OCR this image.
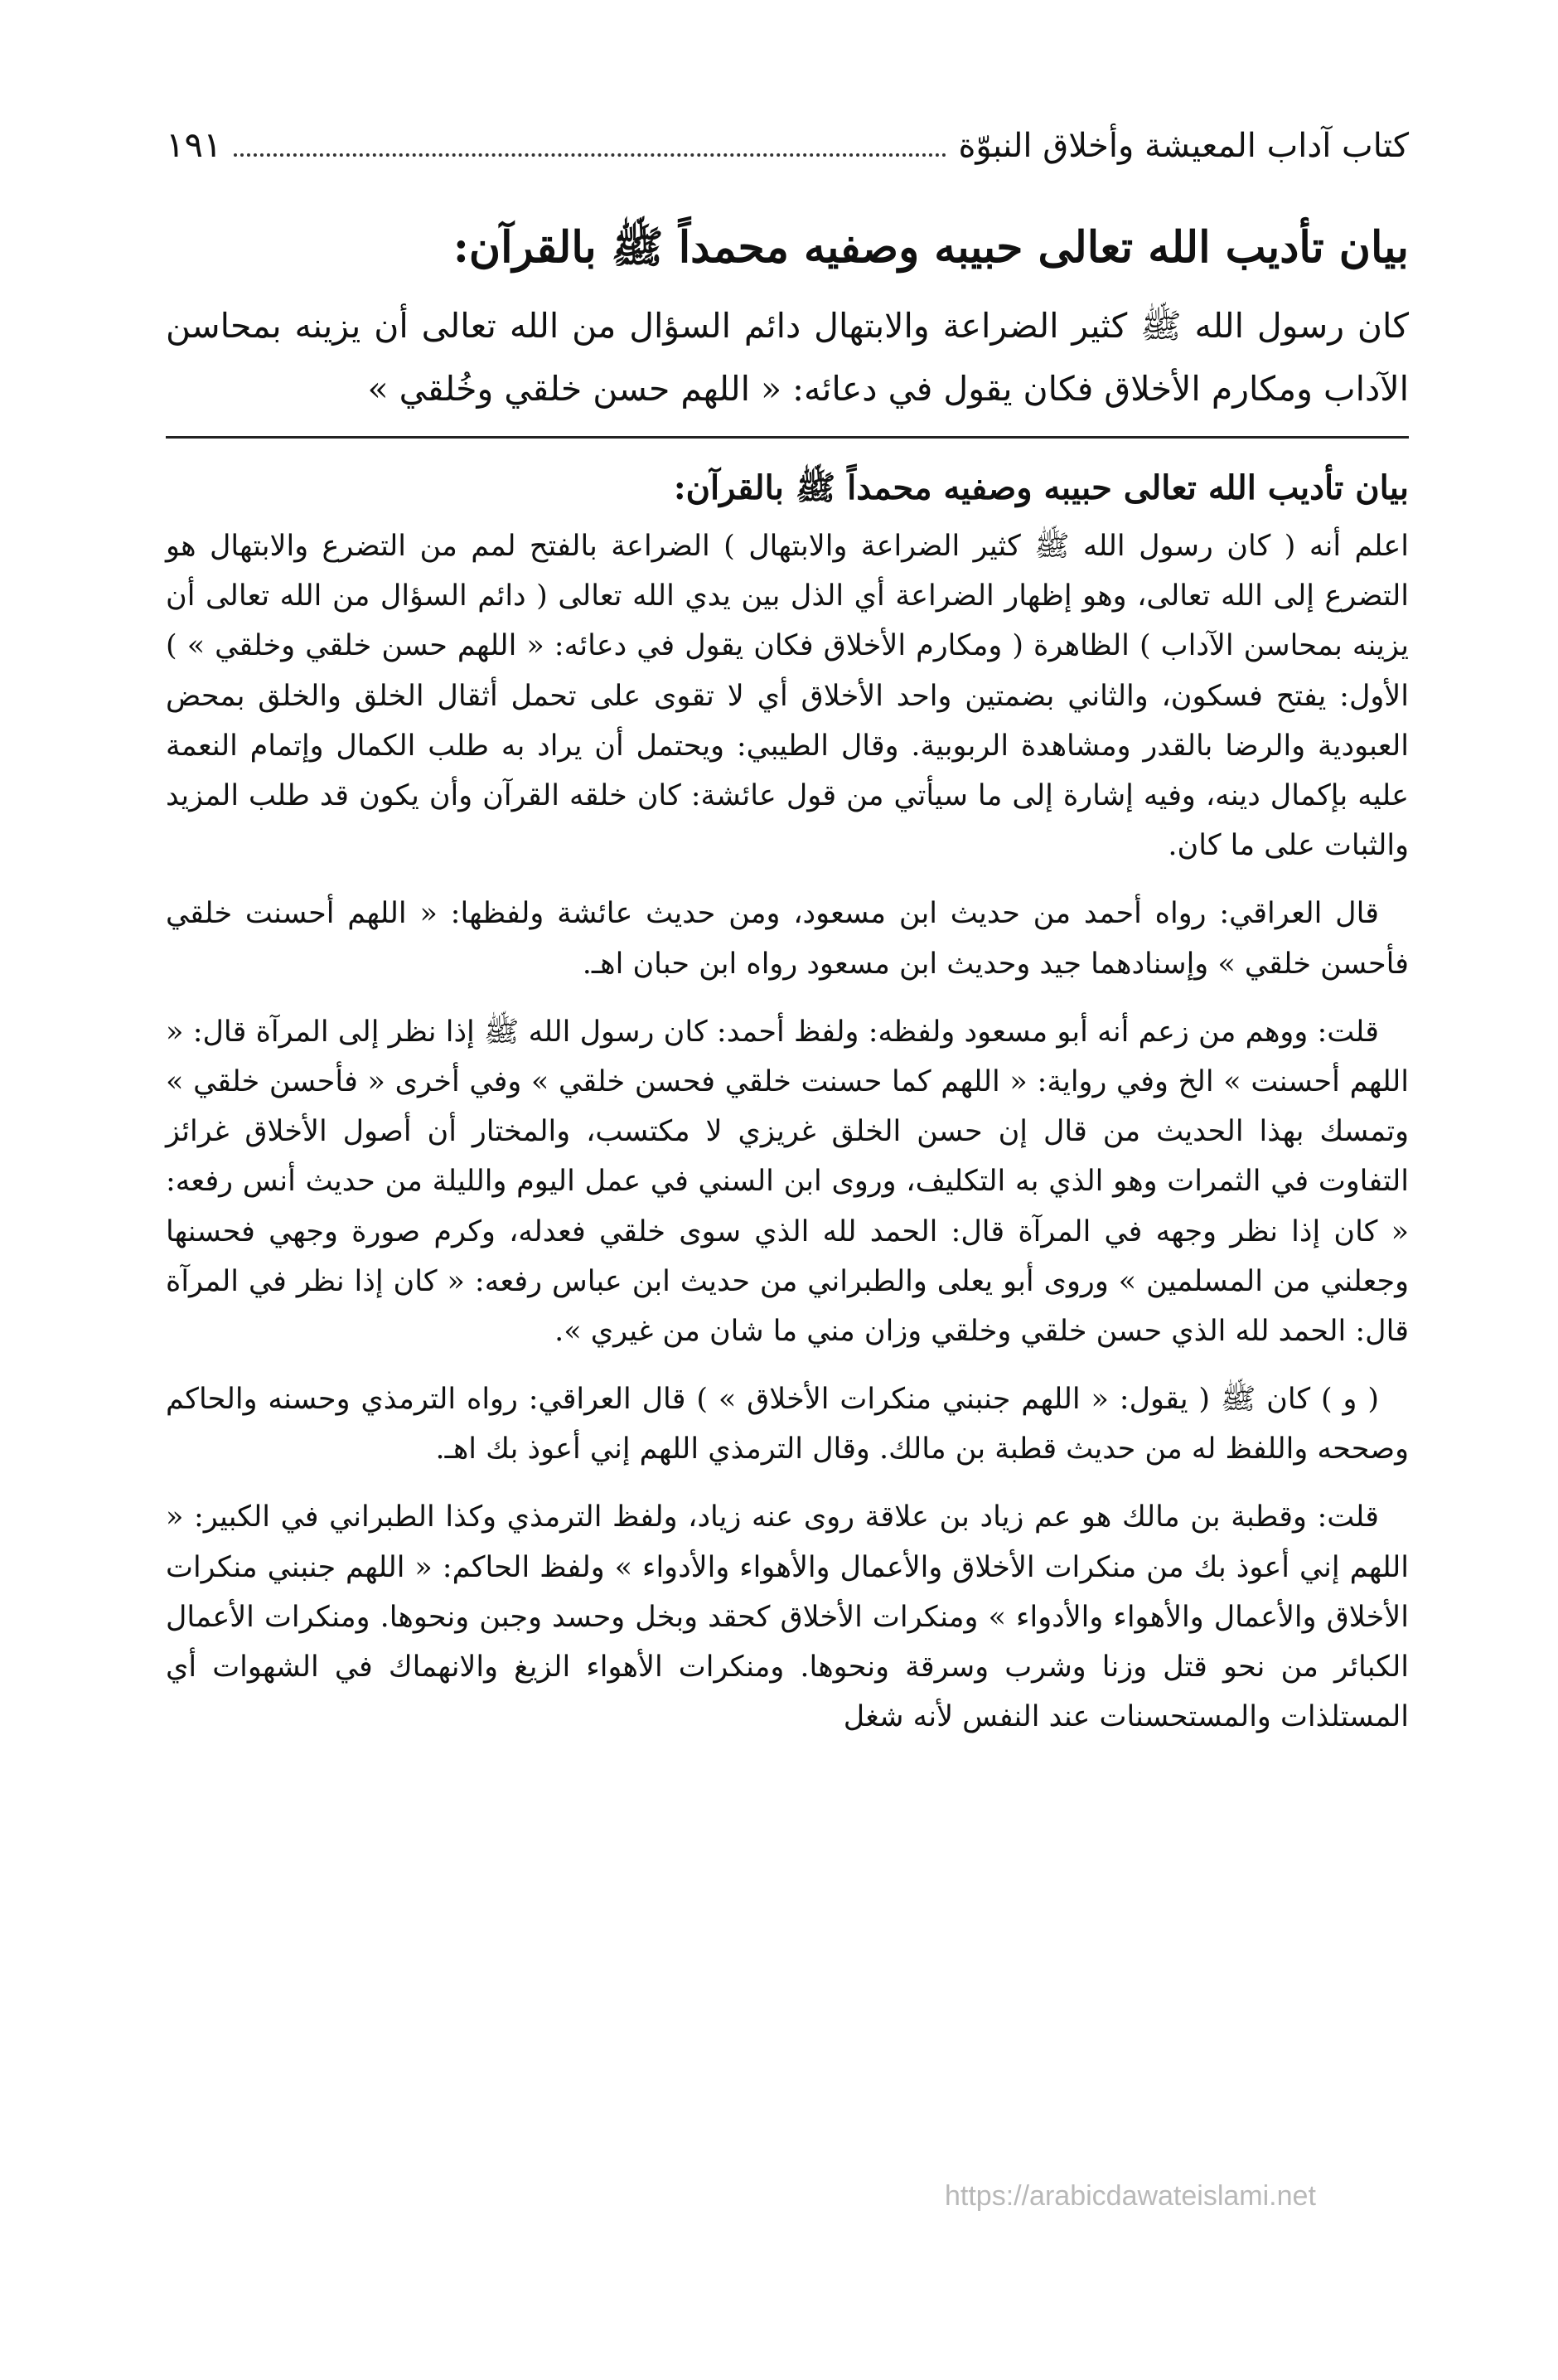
كتاب آداب المعيشة وأخلاق النبوّة
١٩١
بيان تأديب الله تعالى حبيبه وصفيه محمداً ﷺ بالقرآن:

كان رسول الله ﷺ كثير الضراعة والابتهال دائم السؤال من الله تعالى أن يزينه بمحاسن الآداب ومكارم الأخلاق فكان يقول في دعائه: « اللهم حسن خلقي وخُلقي »

بيان تأديب الله تعالى حبيبه وصفيه محمداً ﷺ بالقرآن:

اعلم أنه ( كان رسول الله ﷺ كثير الضراعة والابتهال ) الضراعة بالفتح لمم من التضرع والابتهال هو التضرع إلى الله تعالى، وهو إظهار الضراعة أي الذل بين يدي الله تعالى ( دائم السؤال من الله تعالى أن يزينه بمحاسن الآداب ) الظاهرة ( ومكارم الأخلاق فكان يقول في دعائه: « اللهم حسن خلقي وخلقي » ) الأول: يفتح فسكون، والثاني بضمتين واحد الأخلاق أي لا تقوى على تحمل أثقال الخلق والخلق بمحض العبودية والرضا بالقدر ومشاهدة الربوبية. وقال الطيبي: ويحتمل أن يراد به طلب الكمال وإتمام النعمة عليه بإكمال دينه، وفيه إشارة إلى ما سيأتي من قول عائشة: كان خلقه القرآن وأن يكون قد طلب المزيد والثبات على ما كان.

قال العراقي: رواه أحمد من حديث ابن مسعود، ومن حديث عائشة ولفظها: « اللهم أحسنت خلقي فأحسن خلقي » وإسنادهما جيد وحديث ابن مسعود رواه ابن حبان اهـ.

قلت: ووهم من زعم أنه أبو مسعود ولفظه: ولفظ أحمد: كان رسول الله ﷺ إذا نظر إلى المرآة قال: « اللهم أحسنت » الخ وفي رواية: « اللهم كما حسنت خلقي فحسن خلقي » وفي أخرى « فأحسن خلقي » وتمسك بهذا الحديث من قال إن حسن الخلق غريزي لا مكتسب، والمختار أن أصول الأخلاق غرائز التفاوت في الثمرات وهو الذي به التكليف، وروى ابن السني في عمل اليوم والليلة من حديث أنس رفعه: « كان إذا نظر وجهه في المرآة قال: الحمد لله الذي سوى خلقي فعدله، وكرم صورة وجهي فحسنها وجعلني من المسلمين » وروى أبو يعلى والطبراني من حديث ابن عباس رفعه: « كان إذا نظر في المرآة قال: الحمد لله الذي حسن خلقي وخلقي وزان مني ما شان من غيري ».

( و ) كان ﷺ ( يقول: « اللهم جنبني منكرات الأخلاق » ) قال العراقي: رواه الترمذي وحسنه والحاكم وصححه واللفظ له من حديث قطبة بن مالك. وقال الترمذي اللهم إني أعوذ بك اهـ.

قلت: وقطبة بن مالك هو عم زياد بن علاقة روى عنه زياد، ولفظ الترمذي وكذا الطبراني في الكبير: « اللهم إني أعوذ بك من منكرات الأخلاق والأعمال والأهواء والأدواء » ولفظ الحاكم: « اللهم جنبني منكرات الأخلاق والأعمال والأهواء والأدواء » ومنكرات الأخلاق كحقد وبخل وحسد وجبن ونحوها. ومنكرات الأعمال الكبائر من نحو قتل وزنا وشرب وسرقة ونحوها. ومنكرات الأهواء الزيغ والانهماك في الشهوات أي المستلذات والمستحسنات عند النفس لأنه شغل

https://arabicdawateislami.net
